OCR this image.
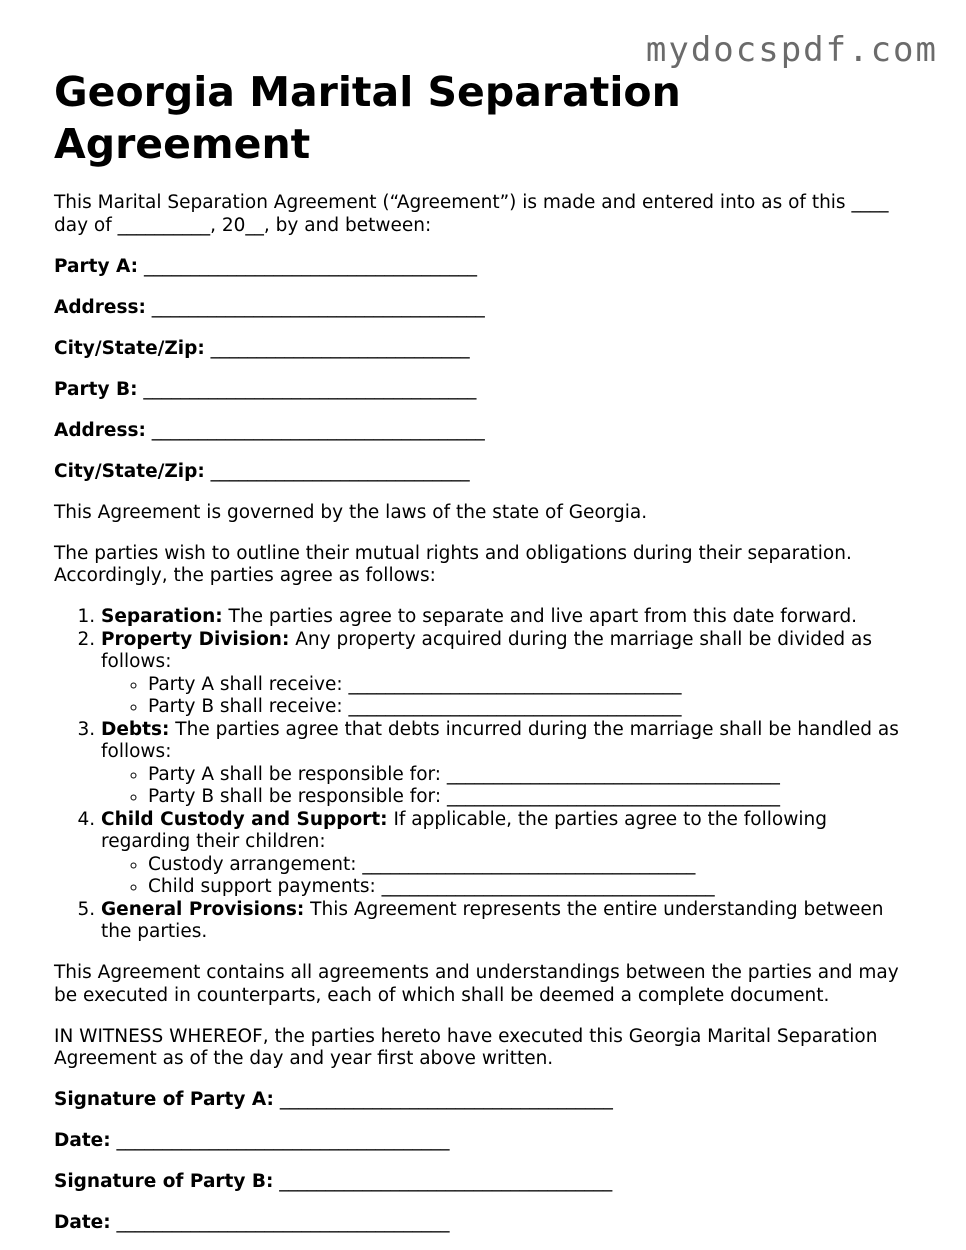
mydocspdf.com
Georgia Marital Separation Agreement

This Marital Separation Agreement (“Agreement”) is made and entered into as of this ____ day of __________, 20__, by and between:

Party A: ____________________________________

Address: ____________________________________

City/State/Zip: ____________________________

Party B: ____________________________________

Address: ____________________________________

City/State/Zip: ____________________________

This Agreement is governed by the laws of the state of Georgia.

The parties wish to outline their mutual rights and obligations during their separation. Accordingly, the parties agree as follows:

1. Separation: The parties agree to separate and live apart from this date forward.
2. Property Division: Any property acquired during the marriage shall be divided as follows:
◦ Party A shall receive: ____________________________________
◦ Party B shall receive: ____________________________________
3. Debts: The parties agree that debts incurred during the marriage shall be handled as follows:
◦ Party A shall be responsible for: ____________________________________
◦ Party B shall be responsible for: ____________________________________
4. Child Custody and Support: If applicable, the parties agree to the following regarding their children:
◦ Custody arrangement: ____________________________________
◦ Child support payments: ____________________________________
5. General Provisions: This Agreement represents the entire understanding between the parties.

This Agreement contains all agreements and understandings between the parties and may be executed in counterparts, each of which shall be deemed a complete document.

IN WITNESS WHEREOF, the parties hereto have executed this Georgia Marital Separation Agreement as of the day and year first above written.

Signature of Party A: ____________________________________

Date: ____________________________________

Signature of Party B: ____________________________________

Date: ____________________________________
